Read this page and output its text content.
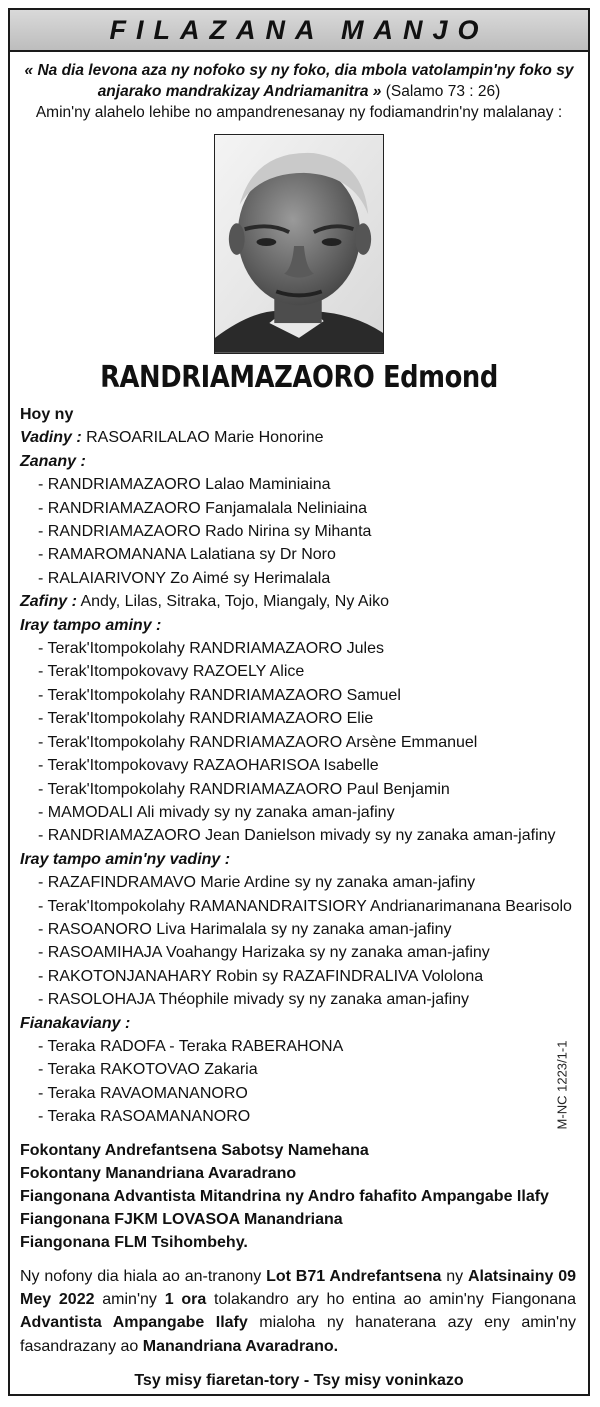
FILAZANA MANJO
« Na dia levona aza ny nofoko sy ny foko, dia mbola vatolampin'ny foko sy anjarako mandrakizay Andriamanitra » (Salamo 73 : 26)
Amin'ny alahelo lehibe no ampandrenesanay ny fodiamandrin'ny malalanay :
RANDRIAMAZAORO Edmond
Hoy ny
Vadiny : RASOARILALAO Marie Honorine
Zanany :
- RANDRIAMAZAORO Lalao Maminiaina
- RANDRIAMAZAORO Fanjamalala Neliniaina
- RANDRIAMAZAORO Rado Nirina sy Mihanta
- RAMAROMANANA Lalatiana sy Dr Noro
- RALAIARIVONY Zo Aimé sy Herimalala
Zafiny : Andy, Lilas, Sitraka, Tojo, Miangaly, Ny Aiko
Iray tampo aminy :
- Terak'Itompokolahy RANDRIAMAZAORO Jules
- Terak'Itompokovavy RAZOELY Alice
- Terak'Itompokolahy RANDRIAMAZAORO Samuel
- Terak'Itompokolahy RANDRIAMAZAORO Elie
- Terak'Itompokolahy RANDRIAMAZAORO Arsène Emmanuel
- Terak'Itompokovavy RAZAOHARISOA Isabelle
- Terak'Itompokolahy RANDRIAMAZAORO Paul Benjamin
- MAMODALI Ali mivady sy ny zanaka aman-jafiny
- RANDRIAMAZAORO Jean Danielson mivady sy ny zanaka aman-jafiny
Iray tampo amin'ny vadiny :
- RAZAFINDRAMAVO Marie Ardine sy ny zanaka aman-jafiny
- Terak'Itompokolahy RAMANANDRAITSIORY Andrianarimanana Bearisolo
- RASOANORO Liva Harimalala sy ny zanaka aman-jafiny
- RASOAMIHAJA Voahangy Harizaka sy ny zanaka aman-jafiny
- RAKOTONJANAHARY Robin sy RAZAFINDRALIVA Vololona
- RASOLOHAJA Théophile mivady sy ny zanaka aman-jafiny
Fianakaviany :
- Teraka RADOFA - Teraka RABERAHONA
- Teraka RAKOTOVAO Zakaria
- Teraka RAVAOMANANORO
- Teraka RASOAMANANORO
Fokontany Andrefantsena Sabotsy Namehana
Fokontany Manandriana Avaradrano
Fiangonana Advantista Mitandrina ny Andro fahafito Ampangabe Ilafy
Fiangonana FJKM LOVASOA Manandriana
Fiangonana FLM Tsihombehy.
Ny nofony dia hiala ao an-tranony Lot B71 Andrefantsena ny Alatsinainy 09 Mey 2022 amin'ny 1 ora tolakandro ary ho entina ao amin'ny Fiangonana Advantista Ampangabe Ilafy mialoha ny hanaterana azy eny amin'ny fasandrazany ao Manandriana Avaradrano.
Tsy misy fiaretan-tory - Tsy misy voninkazo
M-NC 1223/1-1
